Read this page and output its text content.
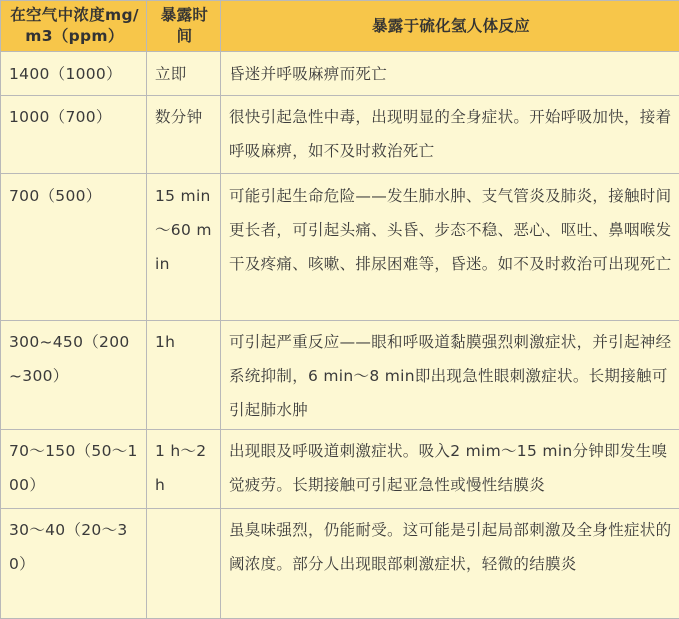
在空气中浓度mg/m3（ppm）	暴露时间	暴露于硫化氢人体反应
1400（1000）	立即	昏迷并呼吸麻痹而死亡
1000（700）	数分钟	很快引起急性中毒，出现明显的全身症状。开始呼吸加快，接着呼吸麻痹，如不及时救治死亡
700（500）	15 min～60 min	可能引起生命危险——发生肺水肿、支气管炎及肺炎，接触时间更长者，可引起头痛、头昏、步态不稳、恶心、呕吐、鼻咽喉发干及疼痛、咳嗽、排尿困难等，昏迷。如不及时救治可出现死亡
300~450（200~300）	1h	可引起严重反应——眼和呼吸道黏膜强烈刺激症状，并引起神经系统抑制，6 min～8 min即出现急性眼刺激症状。长期接触可引起肺水肿
70～150（50～100）	1 h～2 h	出现眼及呼吸道刺激症状。吸入2 mim～15 min分钟即发生嗅觉疲劳。长期接触可引起亚急性或慢性结膜炎
30～40（20～30）		虽臭味强烈，仍能耐受。这可能是引起局部刺激及全身性症状的阈浓度。部分人出现眼部刺激症状，轻微的结膜炎
